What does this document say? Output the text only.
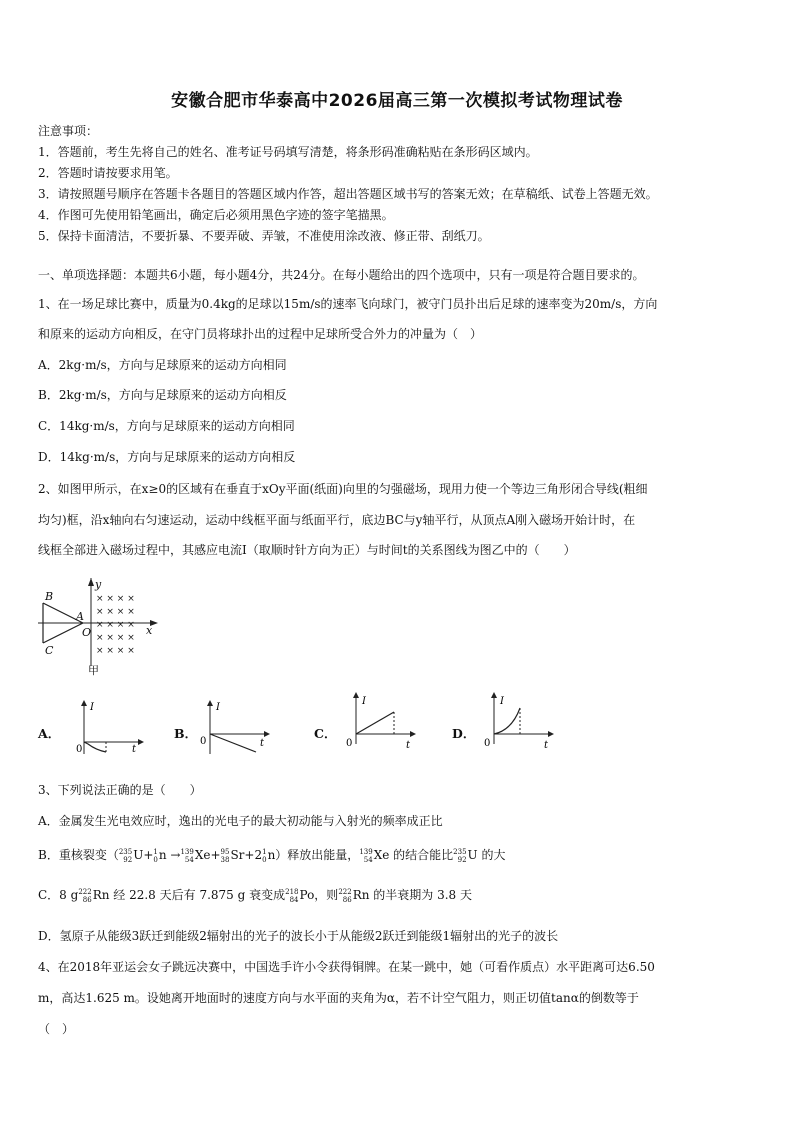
安徽合肥市华泰高中2026届高三第一次模拟考试物理试卷
注意事项：
1．答题前，考生先将自己的姓名、准考证号码填写清楚，将条形码准确粘贴在条形码区域内。
2．答题时请按要求用笔。
3．请按照题号顺序在答题卡各题目的答题区域内作答，超出答题区域书写的答案无效；在草稿纸、试卷上答题无效。
4．作图可先使用铅笔画出，确定后必须用黑色字迹的签字笔描黑。
5．保持卡面清洁，不要折暴、不要弄破、弄皱，不准使用涂改液、修正带、刮纸刀。
一、单项选择题：本题共6小题，每小题4分，共24分。在每小题给出的四个选项中，只有一项是符合题目要求的。
1、在一场足球比赛中，质量为0.4kg的足球以15m/s的速率飞向球门，被守门员扑出后足球的速率变为20m/s，方向
和原来的运动方向相反，在守门员将球扑出的过程中足球所受合外力的冲量为（　）
A．2kg·m/s，方向与足球原来的运动方向相同
B．2kg·m/s，方向与足球原来的运动方向相反
C．14kg·m/s，方向与足球原来的运动方向相同
D．14kg·m/s，方向与足球原来的运动方向相反
2、如图甲所示，在x≥0的区域有在垂直于xOy平面(纸面)向里的匀强磁场，现用力使一个等边三角形闭合导线(粗细
均匀)框，沿x轴向右匀速运动，运动中线框平面与纸面平行，底边BC与y轴平行，从顶点A刚入磁场开始计时，在
线框全部进入磁场过程中，其感应电流I（取顺时针方向为正）与时间t的关系图线为图乙中的（　　）
× × × ×
× × × ×
× × × ×
× × × ×
× × × ×
B
A
C
O	x
y
甲
A．
I
t
0
B．
I
t
0
C．
I
t
0
D．
I
t
0
3、下列说法正确的是（　　）
A．金属发生光电效应时，逸出的光电子的最大初动能与入射光的频率成正比
B．重核裂变（ 235
92 U+ 1
0 n → 139
54 Xe+ 95
38 Sr+2 1
0 n）释放出能量， 139
54 Xe 的结合能比 235
92 U 的大
C．8 g 222
86 Rn 经 22.8 天后有 7.875 g 衰变成 218
84 Po，则 222
86 Rn 的半衰期为 3.8 天
D．氢原子从能级3跃迁到能级2辐射出的光子的波长小于从能级2跃迁到能级1辐射出的光子的波长
4、在2018年亚运会女子跳远决赛中，中国选手许小令获得铜牌。在某一跳中，她（可看作质点）水平距离可达6.50
m，高达1.625 m。设她离开地面时的速度方向与水平面的夹角为α，若不计空气阻力，则正切值tanα的倒数等于
（　）
